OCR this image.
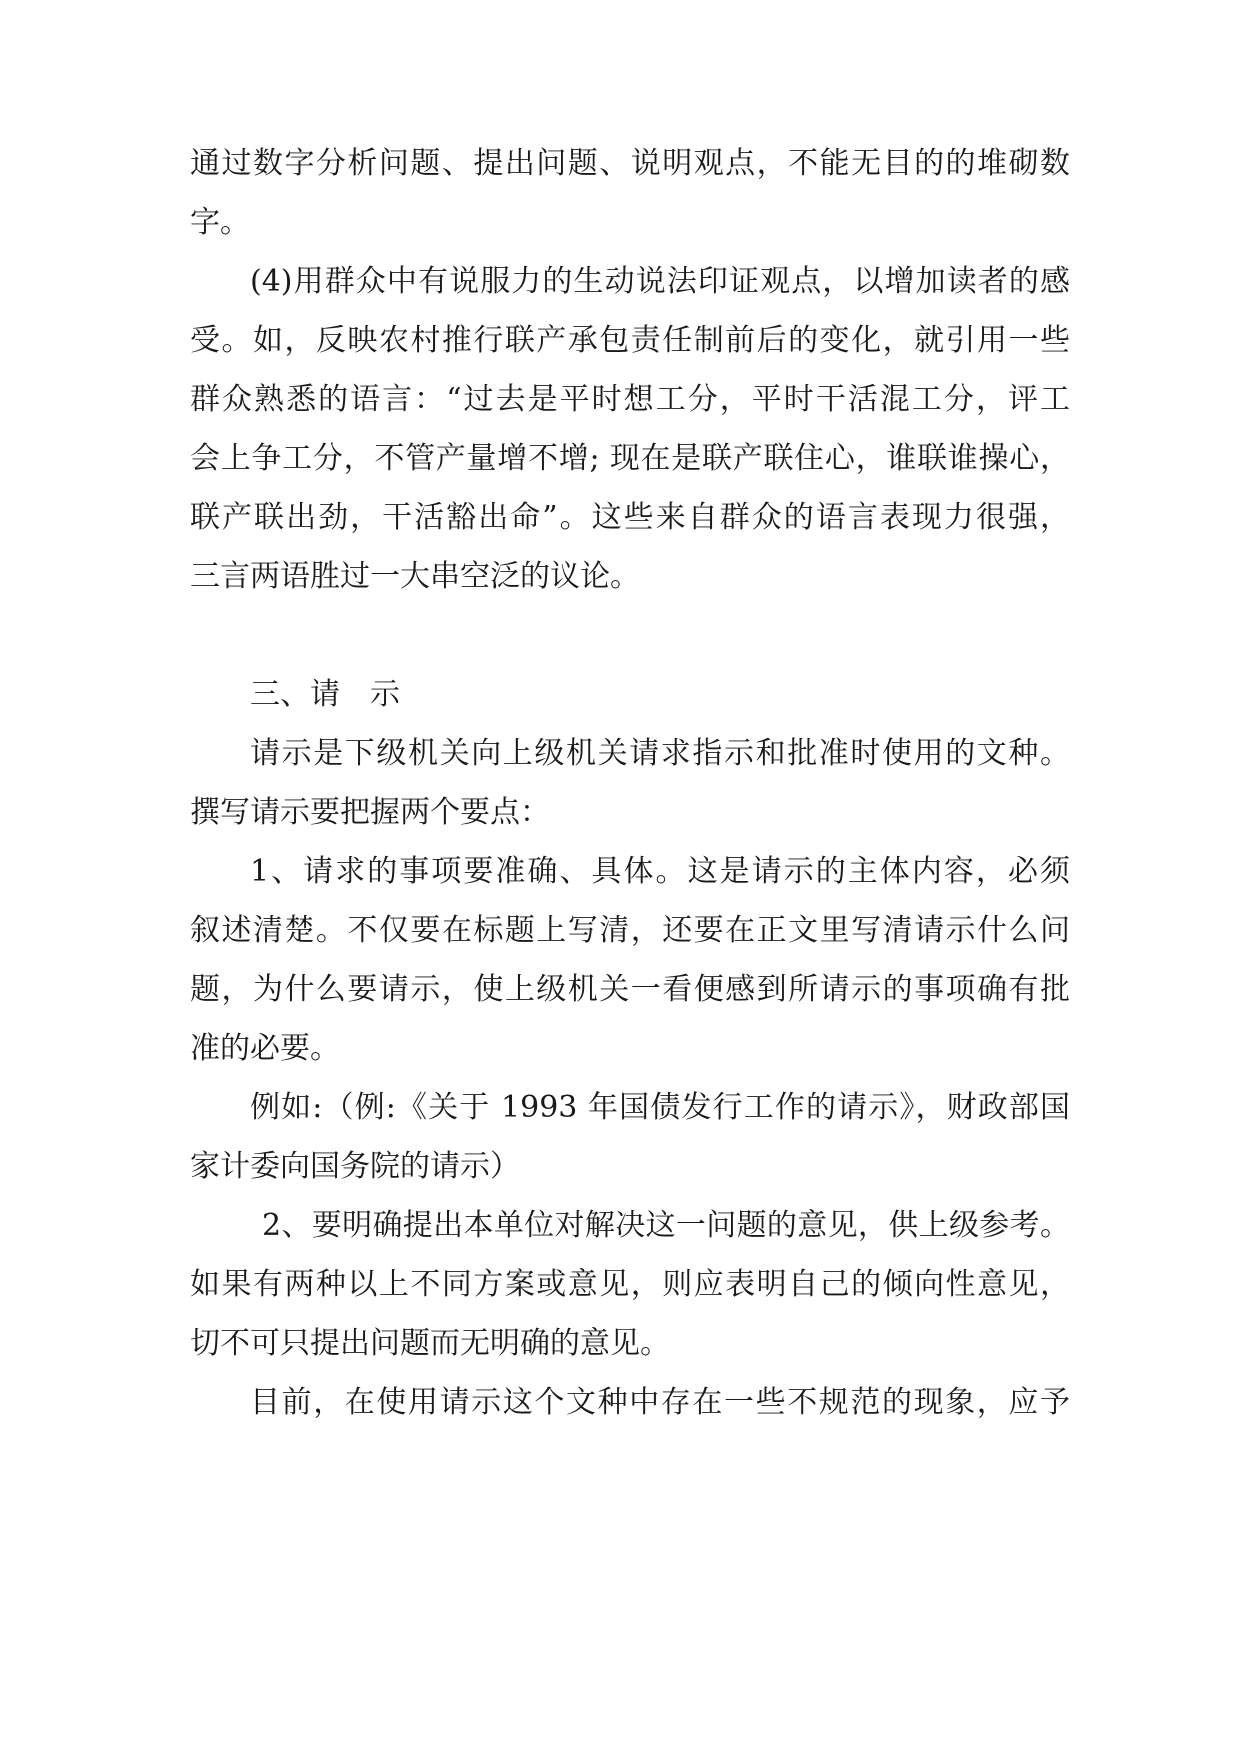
通过数字分析问题、提出问题、说明观点，不能无目的的堆砌数
字。
(4)用群众中有说服力的生动说法印证观点，以增加读者的感
受。如，反映农村推行联产承包责任制前后的变化，就引用一些
群众熟悉的语言：“过去是平时想工分，平时干活混工分，评工
会上争工分，不管产量增不增; 现在是联产联住心，谁联谁操心，
联产联出劲，干活豁出命”。这些来自群众的语言表现力很强，
三言两语胜过一大串空泛的议论。
三、请　示
请示是下级机关向上级机关请求指示和批准时使用的文种。
撰写请示要把握两个要点：
1、请求的事项要准确、具体。这是请示的主体内容，必须
叙述清楚。不仅要在标题上写清，还要在正文里写清请示什么问
题，为什么要请示，使上级机关一看便感到所请示的事项确有批
准的必要。
例如:（例:《关于 1993 年国债发行工作的请示》，财政部国
家计委向国务院的请示）
2、要明确提出本单位对解决这一问题的意见，供上级参考。
如果有两种以上不同方案或意见，则应表明自己的倾向性意见，
切不可只提出问题而无明确的意见。
目前，在使用请示这个文种中存在一些不规范的现象，应予
